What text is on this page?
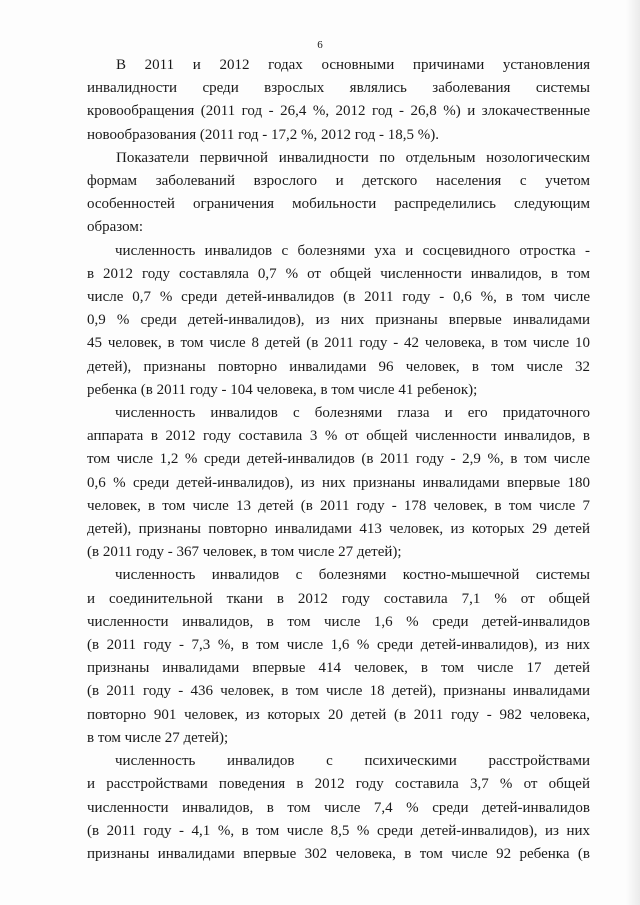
6

В 2011 и 2012 годах основными причинами установления
инвалидности среди взрослых являлись заболевания системы
кровообращения (2011 год - 26,4 %, 2012 год - 26,8 %) и злокачественные
новообразования (2011 год - 17,2 %, 2012 год - 18,5 %).

Показатели первичной инвалидности по отдельным нозологическим
формам заболеваний взрослого и детского населения с учетом
особенностей ограничения мобильности распределились следующим
образом:

численность инвалидов с болезнями уха и сосцевидного отростка -
в 2012 году составляла 0,7 % от общей численности инвалидов, в том
числе 0,7 % среди детей-инвалидов (в 2011 году - 0,6 %, в том числе
0,9 % среди детей-инвалидов), из них признаны впервые инвалидами
45 человек, в том числе 8 детей (в 2011 году - 42 человека, в том числе 10
детей), признаны повторно инвалидами 96 человек, в том числе 32
ребенка (в 2011 году - 104 человека, в том числе 41 ребенок);

численность инвалидов с болезнями глаза и его придаточного
аппарата в 2012 году составила 3 % от общей численности инвалидов, в
том числе 1,2 % среди детей-инвалидов (в 2011 году - 2,9 %, в том числе
0,6 % среди детей-инвалидов), из них признаны инвалидами впервые 180
человек, в том числе 13 детей (в 2011 году - 178 человек, в том числе 7
детей), признаны повторно инвалидами 413 человек, из которых 29 детей
(в 2011 году - 367 человек, в том числе 27 детей);

численность инвалидов с болезнями костно-мышечной системы
и соединительной ткани в 2012 году составила 7,1 % от общей
численности инвалидов, в том числе 1,6 % среди детей-инвалидов
(в 2011 году - 7,3 %, в том числе 1,6 % среди детей-инвалидов), из них
признаны инвалидами впервые 414 человек, в том числе 17 детей
(в 2011 году - 436 человек, в том числе 18 детей), признаны инвалидами
повторно 901 человек, из которых 20 детей (в 2011 году - 982 человека,
в том числе 27 детей);

численность инвалидов с психическими расстройствами
и расстройствами поведения в 2012 году составила 3,7 % от общей
численности инвалидов, в том числе 7,4 % среди детей-инвалидов
(в 2011 году - 4,1 %, в том числе 8,5 % среди детей-инвалидов), из них
признаны инвалидами впервые 302 человека, в том числе 92 ребенка (в
